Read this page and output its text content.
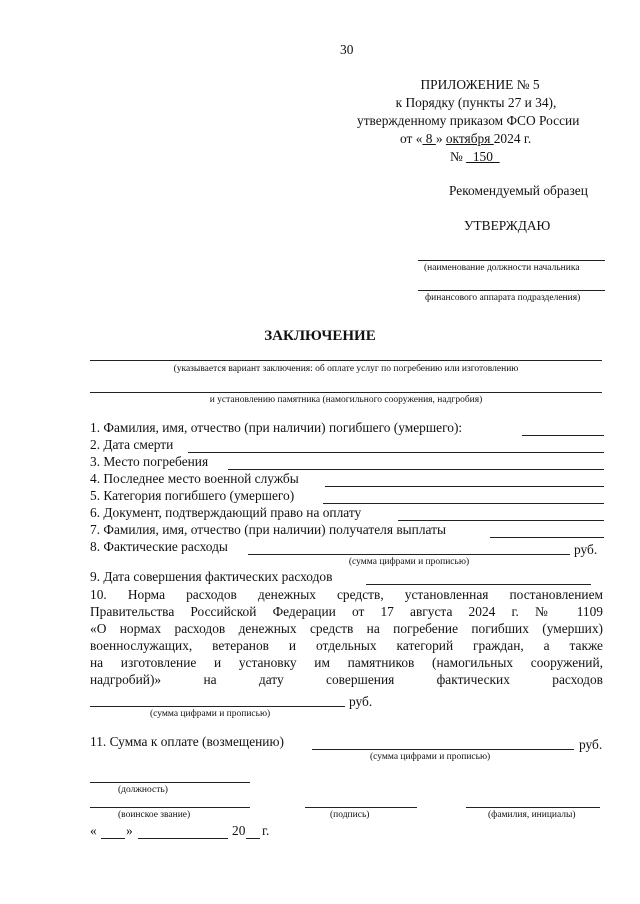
30
ПРИЛОЖЕНИЕ № 5
к Порядку (пункты 27 и 34),
утвержденному приказом ФСО России
от « 8 » октября 2024 г.
№   150
Рекомендуемый образец
УТВЕРЖДАЮ
(наименование должности начальника
финансового аппарата подразделения)
ЗАКЛЮЧЕНИЕ
(указывается вариант заключения: об оплате услуг по погребению или изготовлению
и установлению памятника (намогильного сооружения, надгробия)
1. Фамилия, имя, отчество (при наличии) погибшего (умершего):
2. Дата смерти
3. Место погребения
4. Последнее место военной службы
5. Категория погибшего (умершего)
6. Документ, подтверждающий право на оплату
7. Фамилия, имя, отчество (при наличии) получателя выплаты
8. Фактические расходы	руб.
(сумма цифрами и прописью)
9. Дата совершения фактических расходов
10. Норма расходов денежных средств, установленная постановлением
Правительства Российской Федерации от 17 августа 2024 г. № 1109
«О нормах расходов денежных средств на погребение погибших (умерших)
военнослужащих, ветеранов и отдельных категорий граждан, а также
на изготовление и установку им памятников (намогильных сооружений,
надгробий)» на дату совершения фактических расходов
руб.
(сумма цифрами и прописью)
11. Сумма к оплате (возмещению)	руб.
(сумма цифрами и прописью)
(должность)
(воинское звание)	(подпись)	(фамилия, инициалы)
« »	20 г.
